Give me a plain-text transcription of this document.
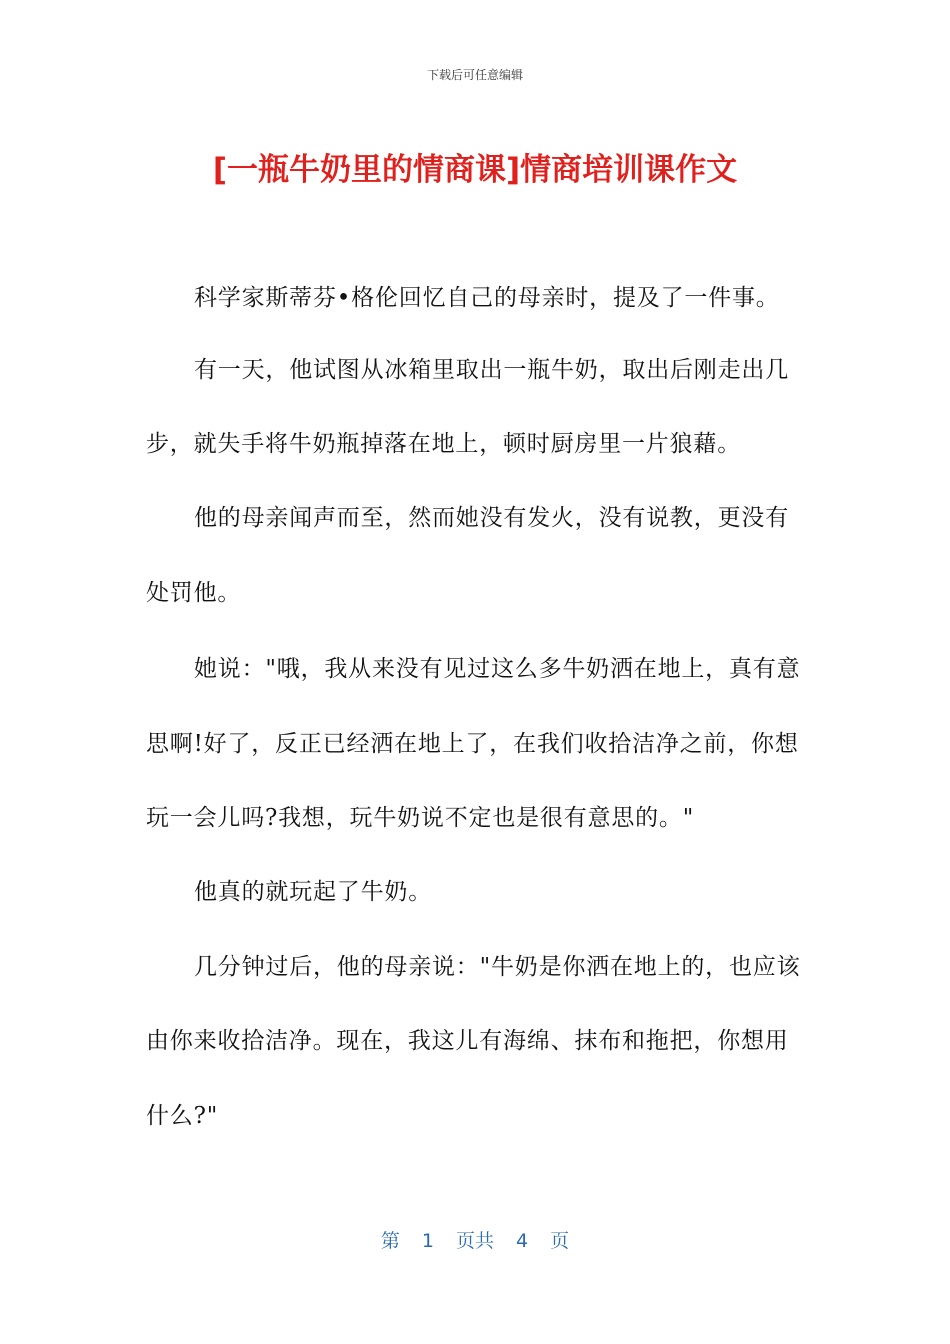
下载后可任意编辑
[一瓶牛奶里的情商课]情商培训课作文
科学家斯蒂芬•格伦回忆自己的母亲时，提及了一件事。
有一天，他试图从冰箱里取出一瓶牛奶，取出后刚走出几
步，就失手将牛奶瓶掉落在地上，顿时厨房里一片狼藉。
他的母亲闻声而至，然而她没有发火，没有说教，更没有
处罚他。
她说："哦，我从来没有见过这么多牛奶洒在地上，真有意
思啊!好了，反正已经洒在地上了，在我们收拾洁净之前，你想
玩一会儿吗?我想，玩牛奶说不定也是很有意思的。"
他真的就玩起了牛奶。
几分钟过后，他的母亲说："牛奶是你洒在地上的，也应该
由你来收拾洁净。现在，我这儿有海绵、抹布和拖把，你想用
什么?"
第 1 页共 4 页
